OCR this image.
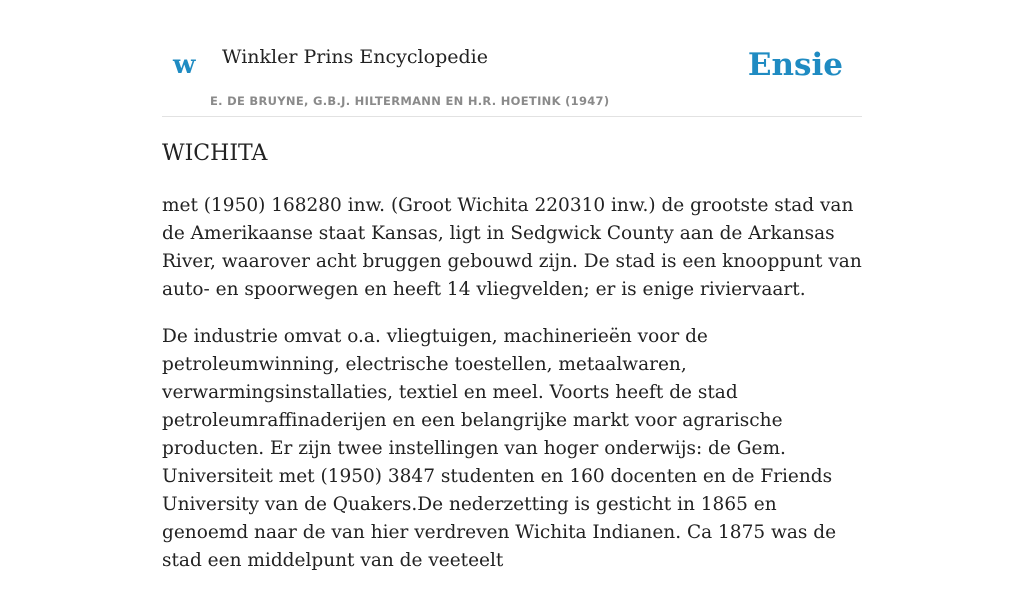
w Winkler Prins Encyclopedie
E. DE BRUYNE, G.B.J. HILTERMANN EN H.R. HOETINK (1947)
Ensie
WICHITA

met (1950) 168280 inw. (Groot Wichita 220310 inw.) de grootste stad van de Amerikaanse staat Kansas, ligt in Sedgwick County aan de Arkansas River, waarover acht bruggen gebouwd zijn. De stad is een knooppunt van auto- en spoorwegen en heeft 14 vliegvelden; er is enige riviervaart.

De industrie omvat o.a. vliegtuigen, machinerieën voor de petroleumwinning, electrische toestellen, metaalwaren, verwarmingsinstallaties, textiel en meel. Voorts heeft de stad petroleumraffinaderijen en een belangrijke markt voor agrarische producten. Er zijn twee instellingen van hoger onderwijs: de Gem. Universiteit met (1950) 3847 studenten en 160 docenten en de Friends University van de Quakers.De nederzetting is gesticht in 1865 en genoemd naar de van hier verdreven Wichita Indianen. Ca 1875 was de stad een middelpunt van de veeteelt
